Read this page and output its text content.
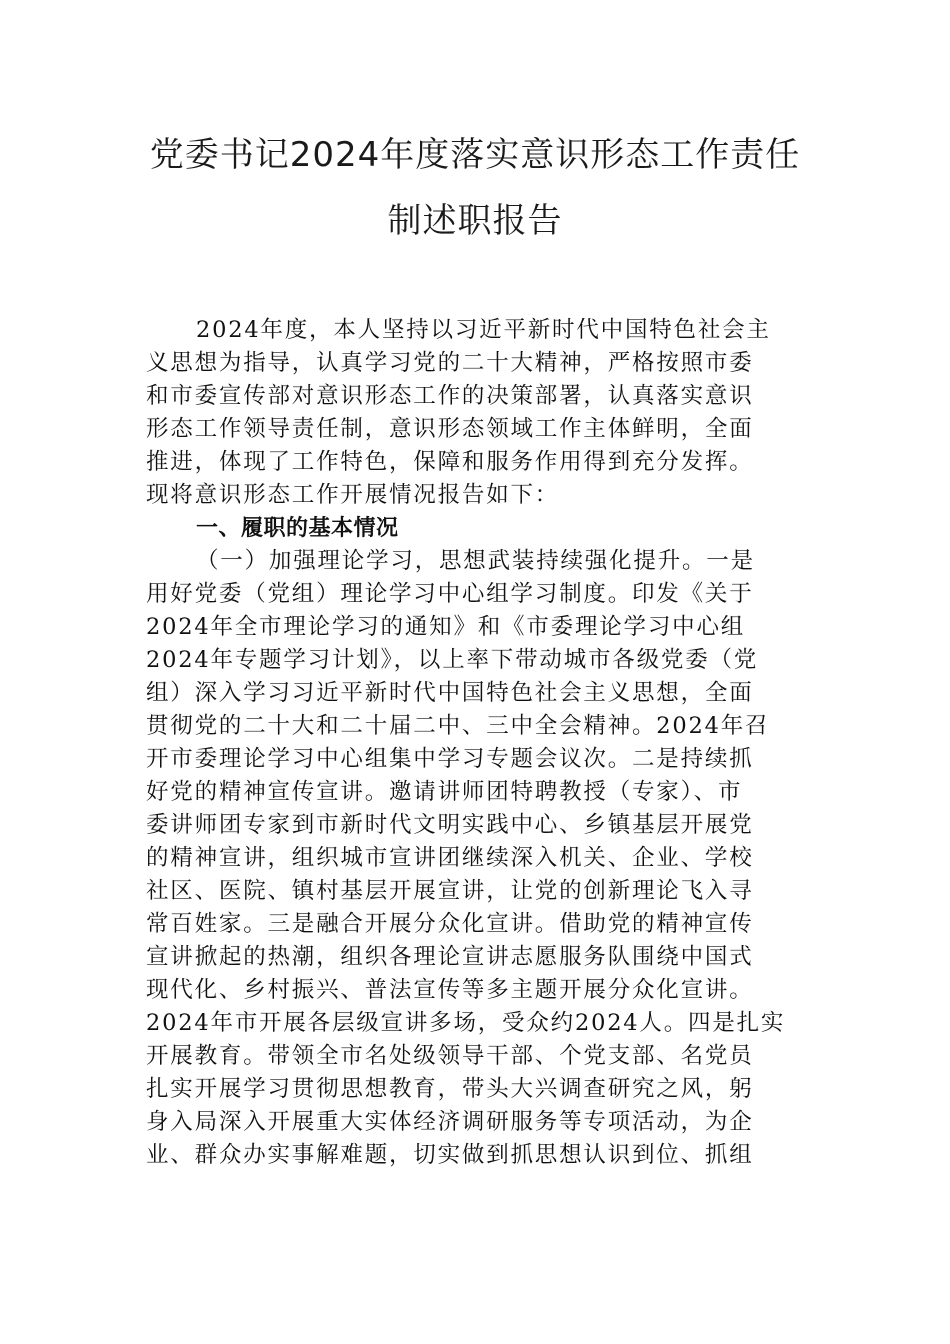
党委书记2024年度落实意识形态工作责任
制述职报告
2024年度，本人坚持以习近平新时代中国特色社会主
义思想为指导，认真学习党的二十大精神，严格按照市委
和市委宣传部对意识形态工作的决策部署，认真落实意识
形态工作领导责任制，意识形态领域工作主体鲜明，全面
推进，体现了工作特色，保障和服务作用得到充分发挥。
现将意识形态工作开展情况报告如下：
一、履职的基本情况
（一）加强理论学习，思想武装持续强化提升。一是
用好党委（党组）理论学习中心组学习制度。印发《关于
2024年全市理论学习的通知》和《市委理论学习中心组
2024年专题学习计划》，以上率下带动城市各级党委（党
组）深入学习习近平新时代中国特色社会主义思想，全面
贯彻党的二十大和二十届二中、三中全会精神。2024年召
开市委理论学习中心组集中学习专题会议次。二是持续抓
好党的精神宣传宣讲。邀请讲师团特聘教授（专家）、市
委讲师团专家到市新时代文明实践中心、乡镇基层开展党
的精神宣讲，组织城市宣讲团继续深入机关、企业、学校
社区、医院、镇村基层开展宣讲，让党的创新理论飞入寻
常百姓家。三是融合开展分众化宣讲。借助党的精神宣传
宣讲掀起的热潮，组织各理论宣讲志愿服务队围绕中国式
现代化、乡村振兴、普法宣传等多主题开展分众化宣讲。
2024年市开展各层级宣讲多场，受众约2024人。四是扎实
开展教育。带领全市名处级领导干部、个党支部、名党员
扎实开展学习贯彻思想教育，带头大兴调查研究之风，躬
身入局深入开展重大实体经济调研服务等专项活动，为企
业、群众办实事解难题，切实做到抓思想认识到位、抓组
